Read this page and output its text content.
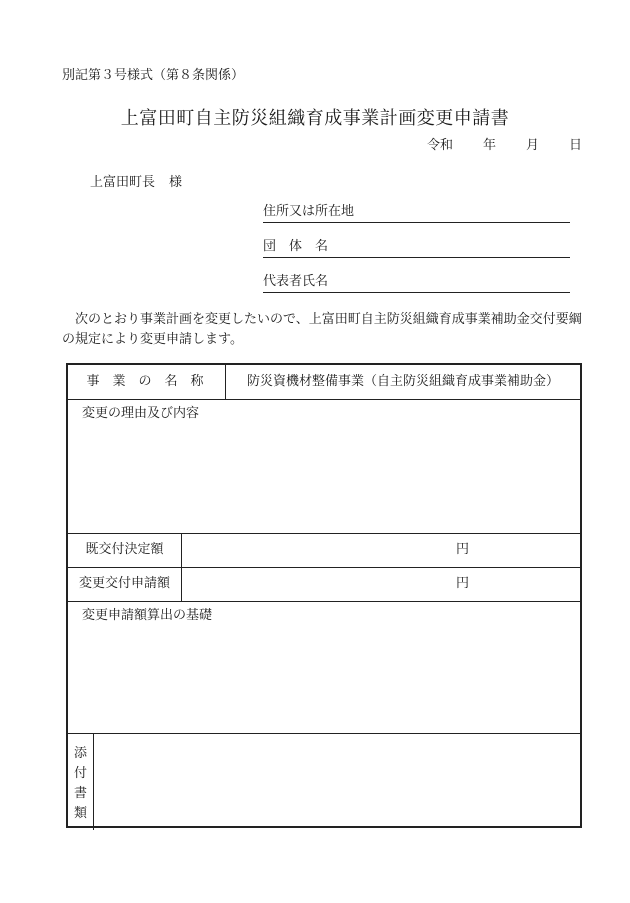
別記第３号様式（第８条関係）
上富田町自主防災組織育成事業計画変更申請書
令和 年 月 日
上富田町長 様
住所又は所在地
団　体　名
代表者氏名
次のとおり事業計画を変更したいので、上富田町自主防災組織育成事業補助金交付要綱の規定により変更申請します。
事業の名称	防災資機材整備事業（自主防災組織育成事業補助金）
変更の理由及び内容
既交付決定額	円
変更交付申請額	円
変更申請額算出の基礎
添
付
書
類
